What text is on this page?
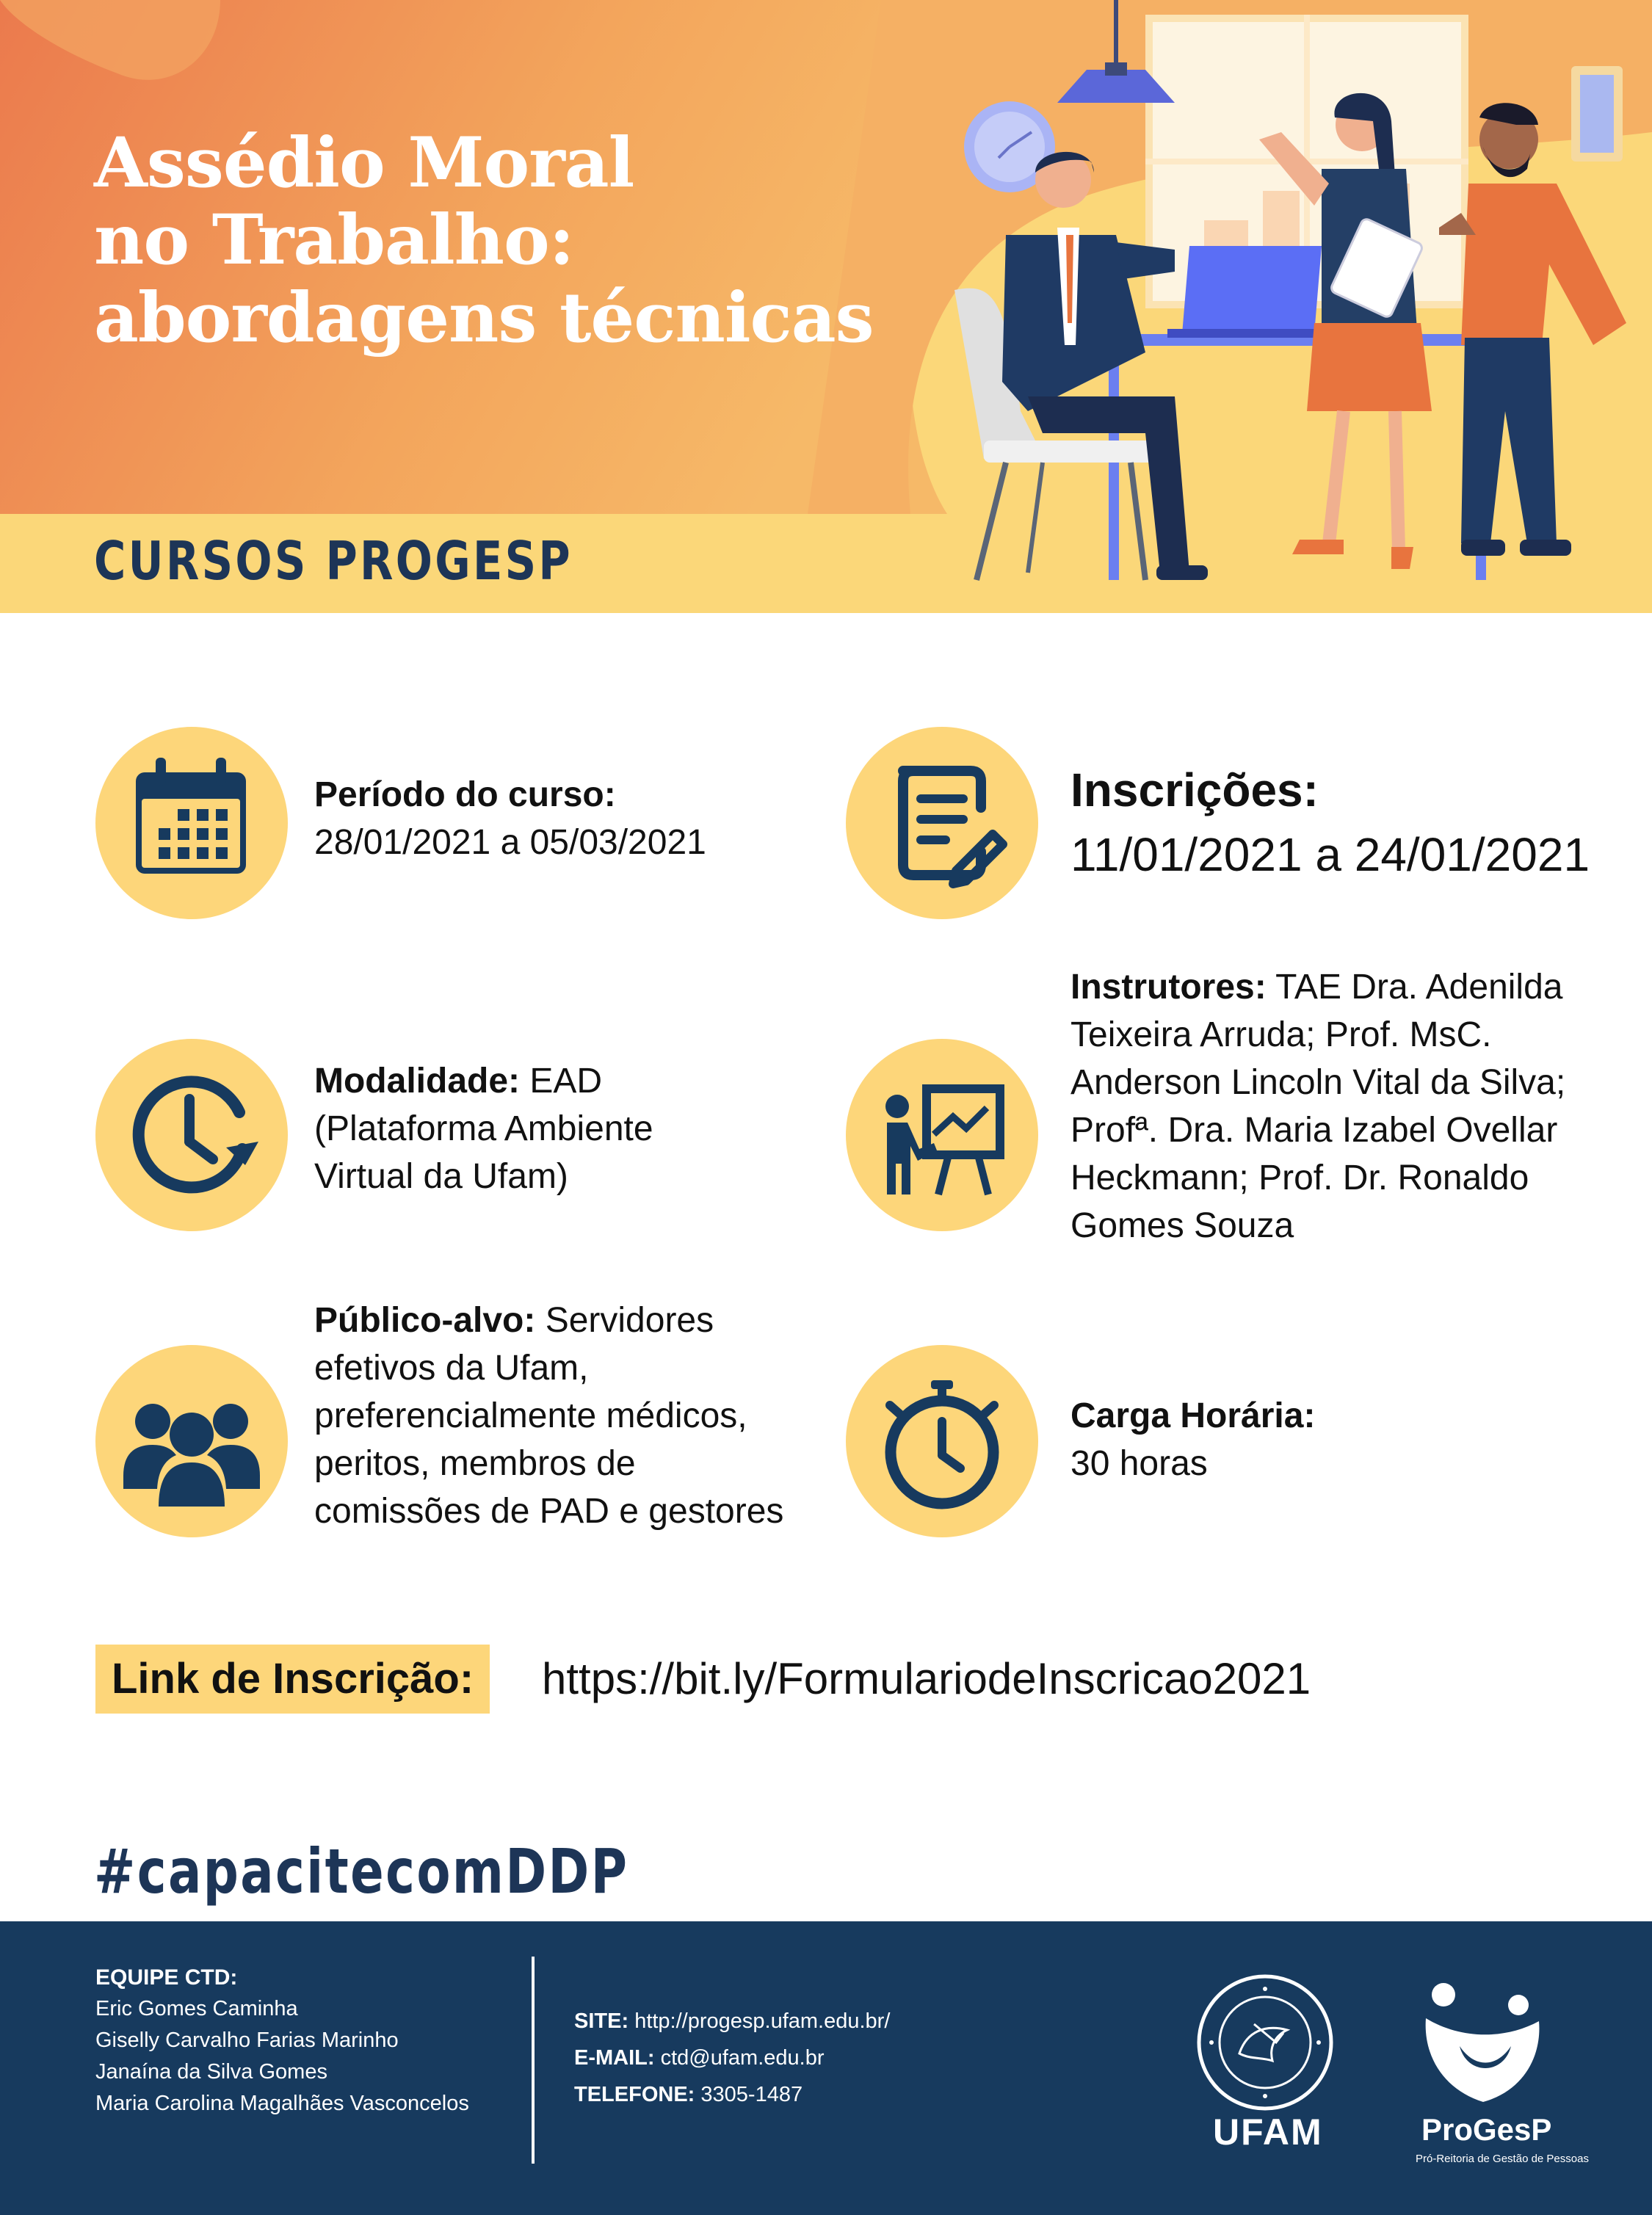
Assédio Moral
no Trabalho:
abordagens técnicas
CURSOS PROGESP
Período do curso:
28/01/2021 a 05/03/2021
Inscrições:
11/01/2021 a 24/01/2021
Modalidade: EAD (Plataforma Ambiente Virtual da Ufam)
Instrutores: TAE Dra. Adenilda Teixeira Arruda; Prof. MsC. Anderson Lincoln Vital da Silva; Profª. Dra. Maria Izabel Ovellar Heckmann; Prof. Dr. Ronaldo Gomes Souza
Público-alvo: Servidores efetivos da Ufam, preferencialmente médicos, peritos, membros de comissões de PAD e gestores
Carga Horária:
30 horas
Link de Inscrição:	https://bit.ly/FormulariodeInscricao2021
#capacitecomDDP
EQUIPE CTD:
Eric Gomes Caminha
Giselly Carvalho Farias Marinho
Janaína da Silva Gomes
Maria Carolina Magalhães Vasconcelos
SITE: http://progesp.ufam.edu.br/
E-MAIL: ctd@ufam.edu.br
TELEFONE: 3305-1487
UFAM	ProGesP
Pró-Reitoria de Gestão de Pessoas
